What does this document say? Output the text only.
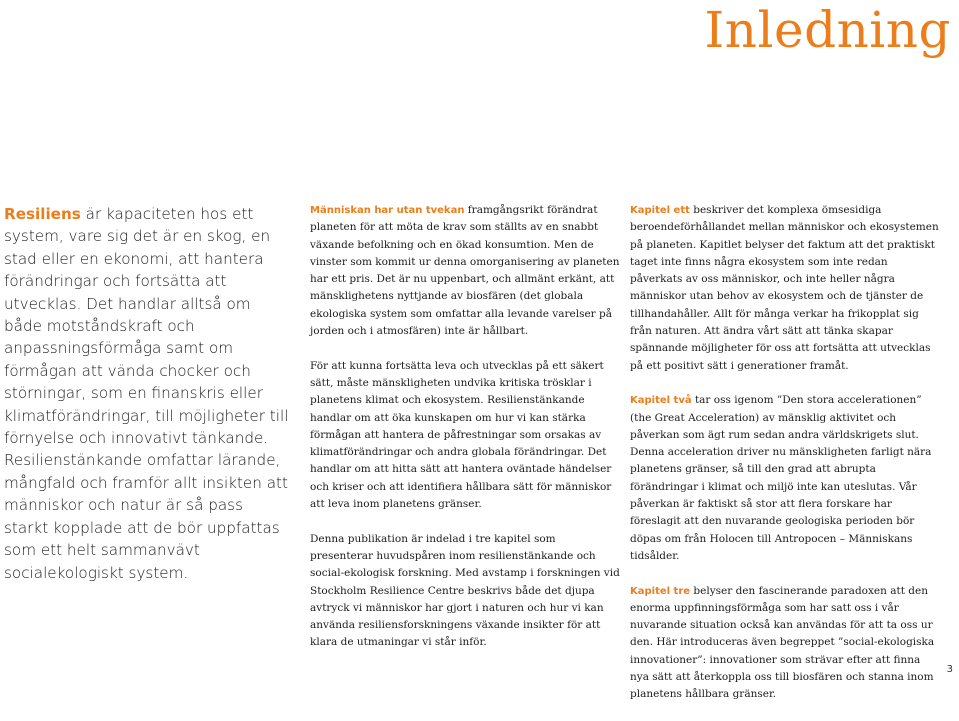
Inledning
Resiliens är kapaciteten hos ett system, vare sig det är en skog, en stad eller en ekonomi, att hantera förändringar och fortsätta att utvecklas. Det handlar alltså om både motståndskraft och anpassningsförmåga samt om förmågan att vända chocker och störningar, som en finanskris eller klimatförändringar, till möjligheter till förnyelse och innovativt tänkande. Resilienstänkande omfattar lärande, mångfald och framför allt insikten att människor och natur är så pass starkt kopplade att de bör uppfattas som ett helt sammanvävt socialekologiskt system.

Människan har utan tvekan framgångsrikt förändrat planeten för att möta de krav som ställts av en snabbt växande befolkning och en ökad konsumtion. Men de vinster som kommit ur denna omorganisering av planeten har ett pris. Det är nu uppenbart, och allmänt erkänt, att mänsklighetens nyttjande av biosfären (det globala ekologiska system som omfattar alla levande varelser på jorden och i atmosfären) inte är hållbart.

För att kunna fortsätta leva och utvecklas på ett säkert sätt, måste mänskligheten undvika kritiska trösklar i planetens klimat och ekosystem. Resilienstänkande handlar om att öka kunskapen om hur vi kan stärka förmågan att hantera de påfrestningar som orsakas av klimatförändringar och andra globala förändringar. Det handlar om att hitta sätt att hantera oväntade händelser och kriser och att identifiera hållbara sätt för människor att leva inom planetens gränser.

Denna publikation är indelad i tre kapitel som presenterar huvudspåren inom resilienstänkande och social-ekologisk forskning. Med avstamp i forskningen vid Stockholm Resilience Centre beskrivs både det djupa avtryck vi människor har gjort i naturen och hur vi kan använda resiliensforskningens växande insikter för att klara de utmaningar vi står inför.

Kapitel ett beskriver det komplexa ömsesidiga beroendeförhållandet mellan människor och ekosystemen på planeten. Kapitlet belyser det faktum att det praktiskt taget inte finns några ekosystem som inte redan påverkats av oss människor, och inte heller några människor utan behov av ekosystem och de tjänster de tillhandahåller. Allt för många verkar ha frikopplat sig från naturen. Att ändra vårt sätt att tänka skapar spännande möjligheter för oss att fortsätta att utvecklas på ett positivt sätt i generationer framåt.

Kapitel två tar oss igenom ”Den stora accelerationen” (the Great Acceleration) av mänsklig aktivitet och påverkan som ägt rum sedan andra världskrigets slut. Denna acceleration driver nu mänskligheten farligt nära planetens gränser, så till den grad att abrupta förändringar i klimat och miljö inte kan uteslutas. Vår påverkan är faktiskt så stor att flera forskare har föreslagit att den nuvarande geologiska perioden bör döpas om från Holocen till Antropocen – Människans tidsålder.

Kapitel tre belyser den fascinerande paradoxen att den enorma uppfinningsförmåga som har satt oss i vår nuvarande situation också kan användas för att ta oss ur den. Här introduceras även begreppet ”social-ekologiska innovationer”: innovationer som strävar efter att finna nya sätt att återkoppla oss till biosfären och stanna inom planetens hållbara gränser.

3
